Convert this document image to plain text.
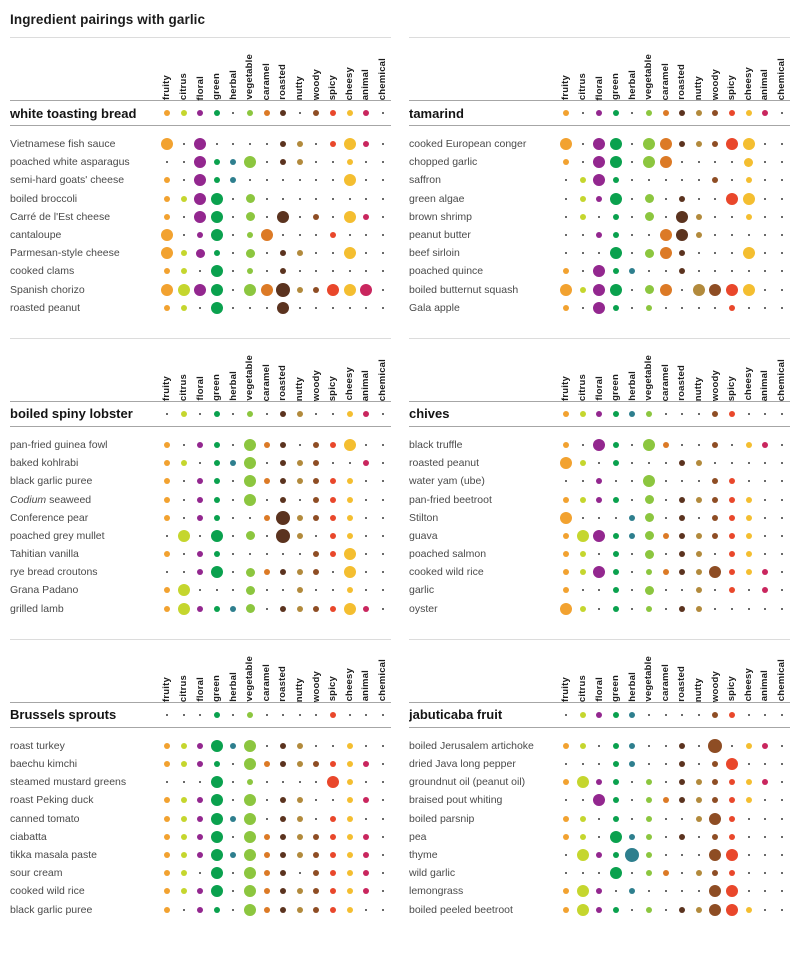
Ingredient pairings with garlic
fruity citrus floral green herbal vegetable caramel roasted nutty woody spicy cheesy animal chemical
white toasting bread
Vietnamese fish sauce
poached white asparagus
semi-hard goats' cheese
boiled broccoli
Carré de l'Est cheese
cantaloupe
Parmesan-style cheese
cooked clams
Spanish chorizo
roasted peanut
fruity citrus floral green herbal vegetable caramel roasted nutty woody spicy cheesy animal chemical
tamarind
cooked European conger
chopped garlic
saffron
green algae
brown shrimp
peanut butter
beef sirloin
poached quince
boiled butternut squash
Gala apple
fruity citrus floral green herbal vegetable caramel roasted nutty woody spicy cheesy animal chemical
boiled spiny lobster
pan-fried guinea fowl
baked kohlrabi
black garlic puree
Codium seaweed
Conference pear
poached grey mullet
Tahitian vanilla
rye bread croutons
Grana Padano
grilled lamb
fruity citrus floral green herbal vegetable caramel roasted nutty woody spicy cheesy animal chemical
chives
black truffle
roasted peanut
water yam (ube)
pan-fried beetroot
Stilton
guava
poached salmon
cooked wild rice
garlic
oyster
fruity citrus floral green herbal vegetable caramel roasted nutty woody spicy cheesy animal chemical
Brussels sprouts
roast turkey
baechu kimchi
steamed mustard greens
roast Peking duck
canned tomato
ciabatta
tikka masala paste
sour cream
cooked wild rice
black garlic puree
fruity citrus floral green herbal vegetable caramel roasted nutty woody spicy cheesy animal chemical
jabuticaba fruit
boiled Jerusalem artichoke
dried Java long pepper
groundnut oil (peanut oil)
braised pout whiting
boiled parsnip
pea
thyme
wild garlic
lemongrass
boiled peeled beetroot
